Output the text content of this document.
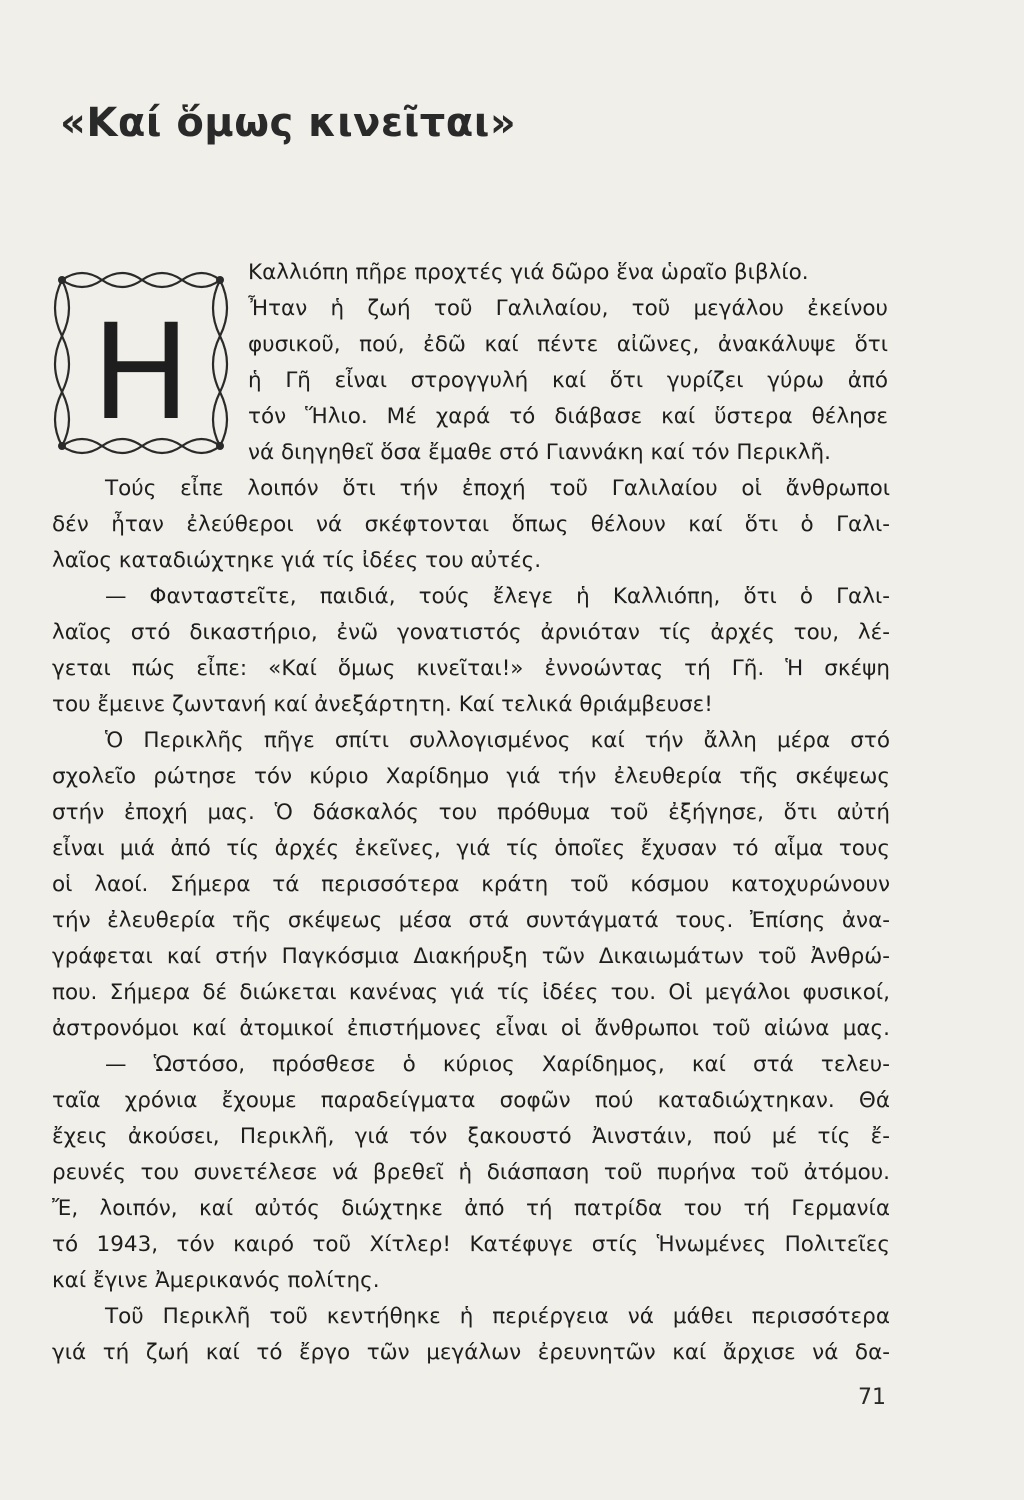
«Καί ὅμως κινεῖται»
Η
Καλλιόπη πῆρε προχτές γιά δῶρο ἕνα ὡραῖο βιβλίο.
Ἦταν ἡ ζωή τοῦ Γαλιλαίου, τοῦ μεγάλου ἐκείνου
φυσικοῦ, πού, ἐδῶ καί πέντε αἰῶνες, ἀνακάλυψε ὅτι
ἡ Γῆ εἶναι στρογγυλή καί ὅτι γυρίζει γύρω ἀπό
τόν Ἥλιο. Μέ χαρά τό διάβασε καί ὕστερα θέλησε
νά διηγηθεῖ ὅσα ἔμαθε στό Γιαννάκη καί τόν Περικλῆ.
Τούς εἶπε λοιπόν ὅτι τήν ἐποχή τοῦ Γαλιλαίου οἱ ἄνθρωποι
δέν ἦταν ἐλεύθεροι νά σκέφτονται ὅπως θέλουν καί ὅτι ὁ Γαλι-
λαῖος καταδιώχτηκε γιά τίς ἰδέες του αὐτές.
— Φανταστεῖτε, παιδιά, τούς ἔλεγε ἡ Καλλιόπη, ὅτι ὁ Γαλι-
λαῖος στό δικαστήριο, ἐνῶ γονατιστός ἀρνιόταν τίς ἀρχές του, λέ-
γεται πώς εἶπε: «Καί ὅμως κινεῖται!» ἐννοώντας τή Γῆ. Ἡ σκέψη
του ἔμεινε ζωντανή καί ἀνεξάρτητη. Καί τελικά θριάμβευσε!
Ὁ Περικλῆς πῆγε σπίτι συλλογισμένος καί τήν ἄλλη μέρα στό
σχολεῖο ρώτησε τόν κύριο Χαρίδημο γιά τήν ἐλευθερία τῆς σκέψεως
στήν ἐποχή μας. Ὁ δάσκαλός του πρόθυμα τοῦ ἐξήγησε, ὅτι αὐτή
εἶναι μιά ἀπό τίς ἀρχές ἐκεῖνες, γιά τίς ὁποῖες ἔχυσαν τό αἷμα τους
οἱ λαοί. Σήμερα τά περισσότερα κράτη τοῦ κόσμου κατοχυρώνουν
τήν ἐλευθερία τῆς σκέψεως μέσα στά συντάγματά τους. Ἐπίσης ἀνα-
γράφεται καί στήν Παγκόσμια Διακήρυξη τῶν Δικαιωμάτων τοῦ Ἀνθρώ-
που. Σήμερα δέ διώκεται κανένας γιά τίς ἰδέες του. Οἱ μεγάλοι φυσικοί,
ἀστρονόμοι καί ἀτομικοί ἐπιστήμονες εἶναι οἱ ἄνθρωποι τοῦ αἰώνα μας.
— Ὡστόσο, πρόσθεσε ὁ κύριος Χαρίδημος, καί στά τελευ-
ταῖα χρόνια ἔχουμε παραδείγματα σοφῶν πού καταδιώχτηκαν. Θά
ἔχεις ἀκούσει, Περικλῆ, γιά τόν ξακουστό Ἀινστάιν, πού μέ τίς ἔ-
ρευνές του συνετέλεσε νά βρεθεῖ ἡ διάσπαση τοῦ πυρήνα τοῦ ἀτόμου.
Ἔ, λοιπόν, καί αὐτός διώχτηκε ἀπό τή πατρίδα του τή Γερμανία
τό 1943, τόν καιρό τοῦ Χίτλερ! Κατέφυγε στίς Ἡνωμένες Πολιτεῖες
καί ἔγινε Ἀμερικανός πολίτης.
Τοῦ Περικλῆ τοῦ κεντήθηκε ἡ περιέργεια νά μάθει περισσότερα
γιά τή ζωή καί τό ἔργο τῶν μεγάλων ἐρευνητῶν καί ἄρχισε νά δα-
71
